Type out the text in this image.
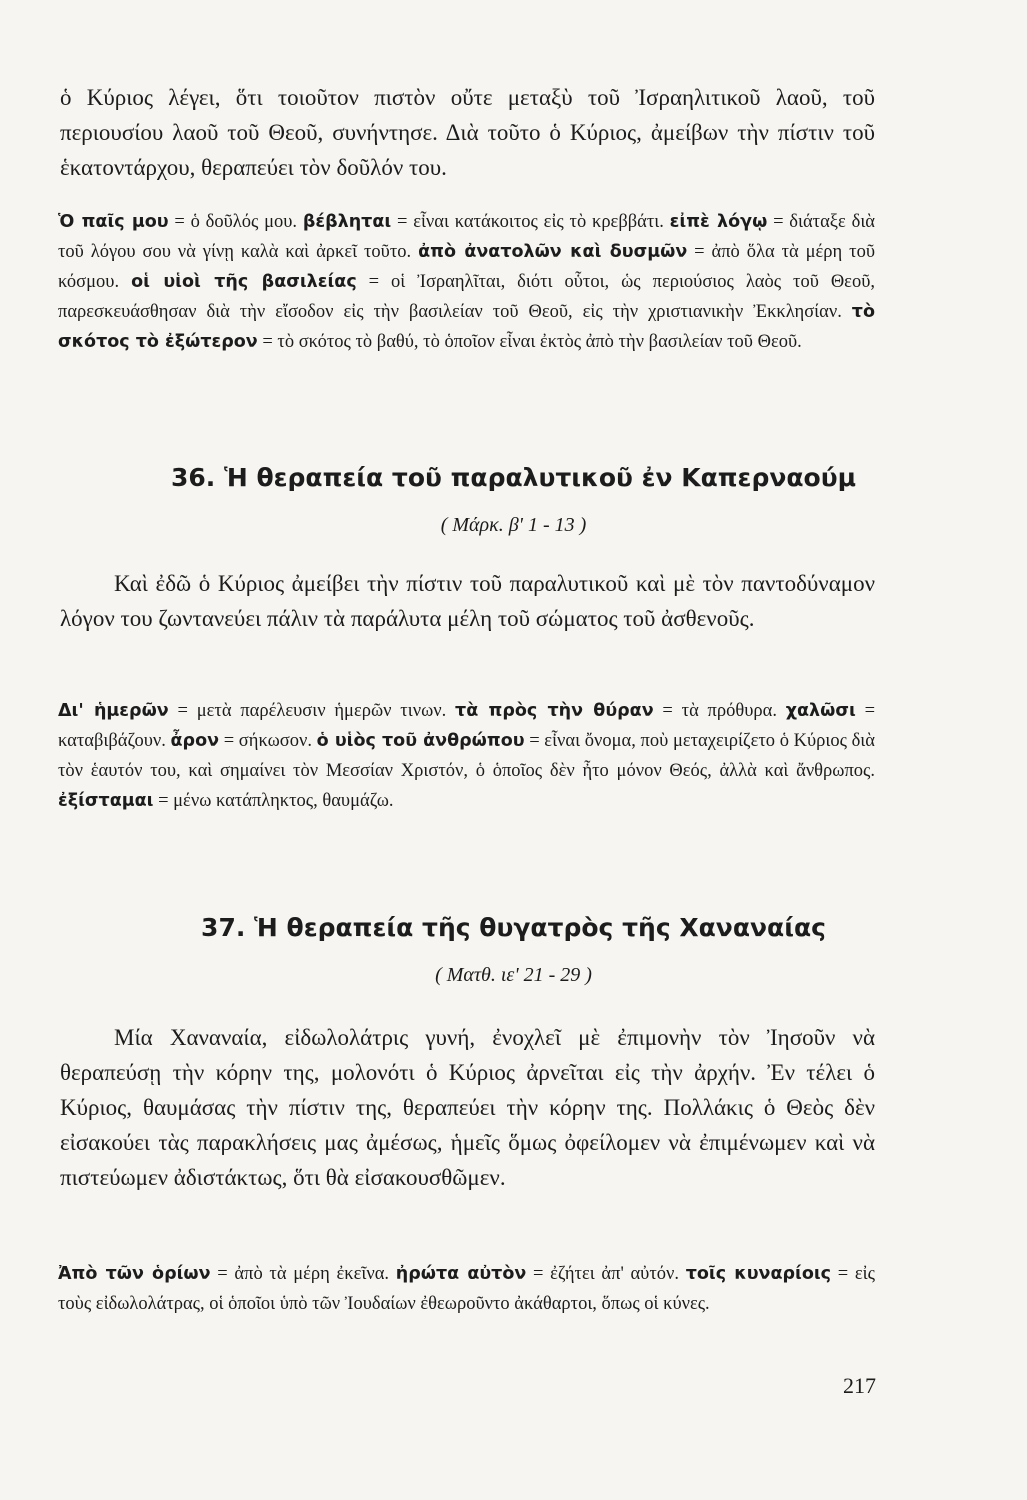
ὁ Κύριος λέγει, ὅτι τοιοῦτον πιστὸν οὔτε μεταξὺ τοῦ Ἰσραηλιτικοῦ λαοῦ, τοῦ περιουσίου λαοῦ τοῦ Θεοῦ, συνήντησε. Διὰ τοῦτο ὁ Κύριος, ἀμείβων τὴν πίστιν τοῦ ἑκατοντάρχου, θεραπεύει τὸν δοῦλόν του.
Ὁ παῖς μου = ὁ δοῦλός μου. βέβληται = εἶναι κατάκοιτος εἰς τὸ κρεββάτι. εἰπὲ λόγῳ = διάταξε διὰ τοῦ λόγου σου νὰ γίνῃ καλὰ καὶ ἀρκεῖ τοῦτο. ἀπὸ ἀνατολῶν καὶ δυσμῶν = ἀπὸ ὅλα τὰ μέρη τοῦ κόσμου. οἱ υἱοὶ τῆς βασιλείας = οἱ Ἰσραηλῖται, διότι οὗτοι, ὡς περιούσιος λαὸς τοῦ Θεοῦ, παρεσκευάσθησαν διὰ τὴν εἴσοδον εἰς τὴν βασιλείαν τοῦ Θεοῦ, εἰς τὴν χριστιανικὴν Ἐκκλησίαν. τὸ σκότος τὸ ἐξώτερον = τὸ σκότος τὸ βαθύ, τὸ ὁποῖον εἶναι ἐκτὸς ἀπὸ τὴν βασιλείαν τοῦ Θεοῦ.
36. Ἡ θεραπεία τοῦ παραλυτικοῦ ἐν Καπερναούμ
( Μάρκ. β' 1 - 13 )
Καὶ ἐδῶ ὁ Κύριος ἀμείβει τὴν πίστιν τοῦ παραλυτικοῦ καὶ μὲ τὸν παντοδύναμον λόγον του ζωντανεύει πάλιν τὰ παράλυτα μέλη τοῦ σώματος τοῦ ἀσθενοῦς.
Δι' ἡμερῶν = μετὰ παρέλευσιν ἡμερῶν τινων. τὰ πρὸς τὴν θύραν = τὰ πρόθυρα. χαλῶσι = καταβιβάζουν. ἆρον = σήκωσον. ὁ υἱὸς τοῦ ἀνθρώπου = εἶναι ὄνομα, ποὺ μεταχειρίζετο ὁ Κύριος διὰ τὸν ἑαυτόν του, καὶ σημαίνει τὸν Μεσσίαν Χριστόν, ὁ ὁποῖος δὲν ἦτο μόνον Θεός, ἀλλὰ καὶ ἄνθρωπος. ἐξίσταμαι = μένω κατάπληκτος, θαυμάζω.
37. Ἡ θεραπεία τῆς θυγατρὸς τῆς Χαναναίας
( Ματθ. ιε' 21 - 29 )
Μία Χαναναία, εἰδωλολάτρις γυνή, ἐνοχλεῖ μὲ ἐπιμονὴν τὸν Ἰησοῦν νὰ θεραπεύσῃ τὴν κόρην της, μολονότι ὁ Κύριος ἀρνεῖται εἰς τὴν ἀρχήν. Ἐν τέλει ὁ Κύριος, θαυμάσας τὴν πίστιν της, θεραπεύει τὴν κόρην της. Πολλάκις ὁ Θεὸς δὲν εἰσακούει τὰς παρακλήσεις μας ἀμέσως, ἡμεῖς ὅμως ὀφείλομεν νὰ ἐπιμένωμεν καὶ νὰ πιστεύωμεν ἀδιστάκτως, ὅτι θὰ εἰσακουσθῶμεν.
Ἀπὸ τῶν ὁρίων = ἀπὸ τὰ μέρη ἐκεῖνα. ἠρώτα αὐτὸν = ἐζήτει ἀπ' αὐτόν. τοῖς κυναρίοις = εἰς τοὺς εἰδωλολάτρας, οἱ ὁποῖοι ὑπὸ τῶν Ἰουδαίων ἐθεωροῦντο ἀκάθαρτοι, ὅπως οἱ κύνες.
217
